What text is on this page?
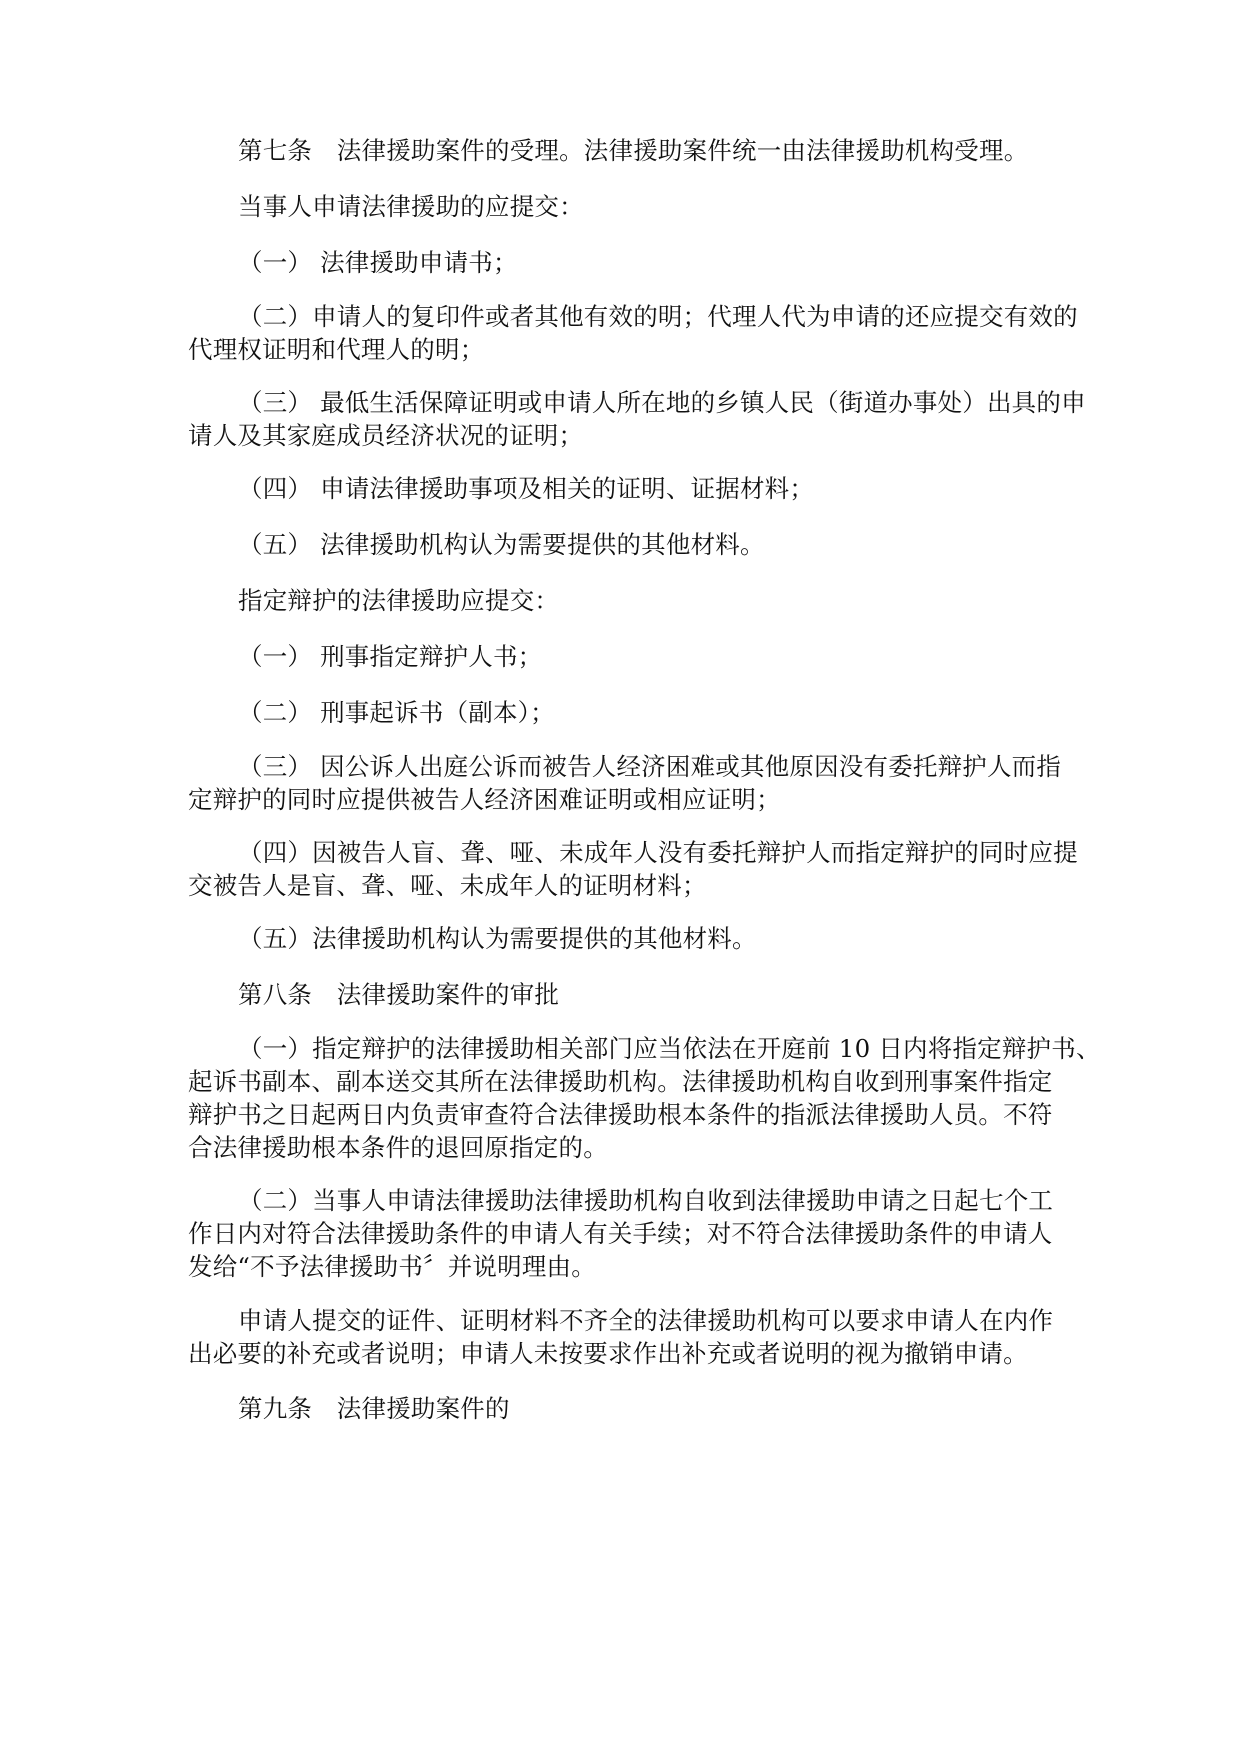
第七条　法律援助案件的受理。法律援助案件统一由法律援助机构受理。
当事人申请法律援助的应提交：
（一） 法律援助申请书；
（二）申请人的复印件或者其他有效的明；代理人代为申请的还应提交有效的
代理权证明和代理人的明；
（三） 最低生活保障证明或申请人所在地的乡镇人民（街道办事处）出具的申
请人及其家庭成员经济状况的证明；
（四） 申请法律援助事项及相关的证明、证据材料；
（五） 法律援助机构认为需要提供的其他材料。
指定辩护的法律援助应提交：
（一） 刑事指定辩护人书；
（二） 刑事起诉书（副本）；
（三） 因公诉人出庭公诉而被告人经济困难或其他原因没有委托辩护人而指
定辩护的同时应提供被告人经济困难证明或相应证明；
（四）因被告人盲、聋、哑、未成年人没有委托辩护人而指定辩护的同时应提
交被告人是盲、聋、哑、未成年人的证明材料；
（五）法律援助机构认为需要提供的其他材料。
第八条　法律援助案件的审批
（一）指定辩护的法律援助相关部门应当依法在开庭前 10 日内将指定辩护书、
起诉书副本、副本送交其所在法律援助机构。法律援助机构自收到刑事案件指定
辩护书之日起两日内负责审查符合法律援助根本条件的指派法律援助人员。不符
合法律援助根本条件的退回原指定的。
（二）当事人申请法律援助法律援助机构自收到法律援助申请之日起七个工
作日内对符合法律援助条件的申请人有关手续；对不符合法律援助条件的申请人
发给“不予法律援助书〞并说明理由。
申请人提交的证件、证明材料不齐全的法律援助机构可以要求申请人在内作
出必要的补充或者说明；申请人未按要求作出补充或者说明的视为撤销申请。
第九条　法律援助案件的
